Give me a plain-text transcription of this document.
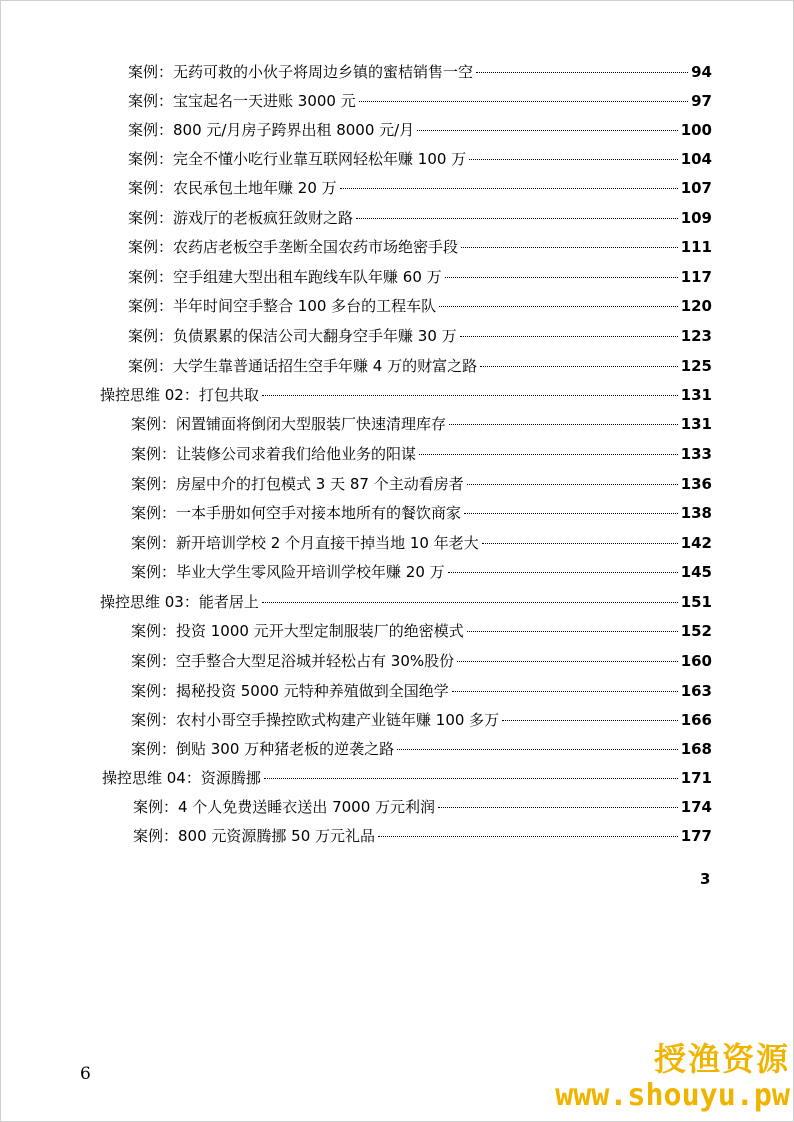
案例：无药可救的小伙子将周边乡镇的蜜桔销售一空	94
案例：宝宝起名一天进账 3000 元	97
案例：800 元/月房子跨界出租 8000 元/月	100
案例：完全不懂小吃行业靠互联网轻松年赚 100 万	104
案例：农民承包土地年赚 20 万	107
案例：游戏厅的老板疯狂敛财之路	109
案例：农药店老板空手垄断全国农药市场绝密手段	111
案例：空手组建大型出租车跑线车队年赚 60 万	117
案例：半年时间空手整合 100 多台的工程车队	120
案例：负债累累的保洁公司大翻身空手年赚 30 万	123
案例：大学生靠普通话招生空手年赚 4 万的财富之路	125
操控思维 02：打包共取	131
案例：闲置铺面将倒闭大型服装厂快速清理库存	131
案例：让装修公司求着我们给他业务的阳谋	133
案例：房屋中介的打包模式 3 天 87 个主动看房者	136
案例：一本手册如何空手对接本地所有的餐饮商家	138
案例：新开培训学校 2 个月直接干掉当地 10 年老大	142
案例：毕业大学生零风险开培训学校年赚 20 万	145
操控思维 03：能者居上	151
案例：投资 1000 元开大型定制服装厂的绝密模式	152
案例：空手整合大型足浴城并轻松占有 30%股份	160
案例：揭秘投资 5000 元特种养殖做到全国绝学	163
案例：农村小哥空手操控欧式构建产业链年赚 100 多万	166
案例：倒贴 300 万种猪老板的逆袭之路	168
操控思维 04：资源腾挪	171
案例：4 个人免费送睡衣送出 7000 万元利润	174
案例：800 元资源腾挪 50 万元礼品	177
3
6	授渔资源
www.shouyu.pw
